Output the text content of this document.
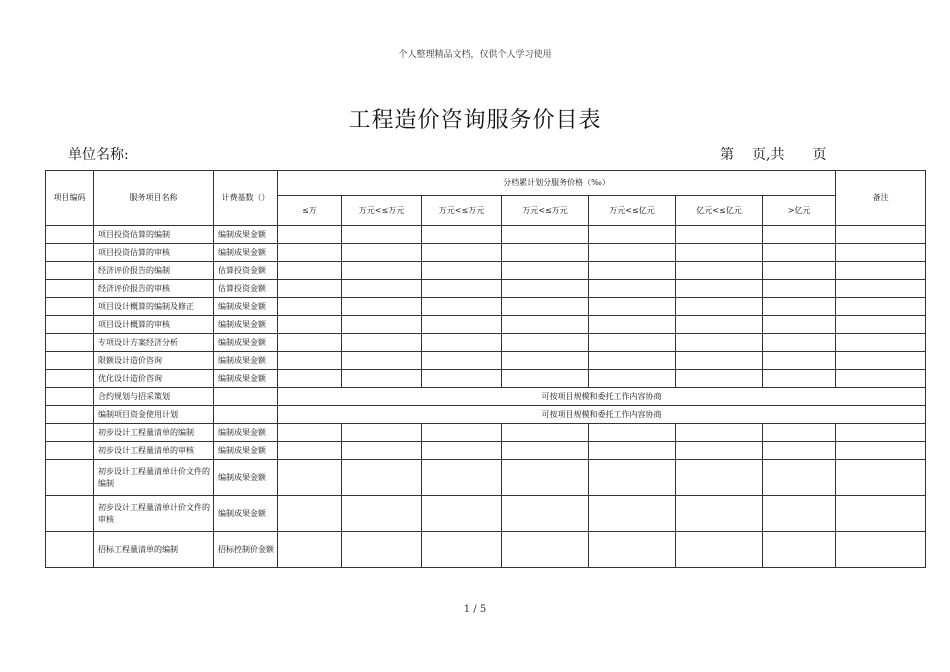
个人整理精品文档，仅供个人学习使用
工程造价咨询服务价目表
单位名称:	第 页,共 页
项目编码	服务项目名称	计费基数（）	分档累计划分服务价格（‰）							备注
			≤万	万元<≤万元	万元<≤万元	万元<≤万元	万元<≤亿元	亿元<≤亿元	>亿元	
	项目投资估算的编制	编制成果金额								
	项目投资估算的审核	编制成果金额								
	经济评价报告的编制	估算投资金额								
	经济评价报告的审核	估算投资金额								
	项目设计概算的编制及修正	编制成果金额								
	项目设计概算的审核	编制成果金额								
	专项设计方案经济分析	编制成果金额								
	限额设计造价咨询	编制成果金额								
	优化设计造价咨询	编制成果金额								
	合约规划与招采策划		可按项目规模和委托工作内容协商							
	编制项目资金使用计划		可按项目规模和委托工作内容协商							
	初步设计工程量清单的编制	编制成果金额								
	初步设计工程量清单的审核	编制成果金额								
	初步设计工程量清单计价文件的编制	编制成果金额								
	初步设计工程量清单计价文件的审核	编制成果金额								
	招标工程量清单的编制	招标控制价金额								
1 / 5
